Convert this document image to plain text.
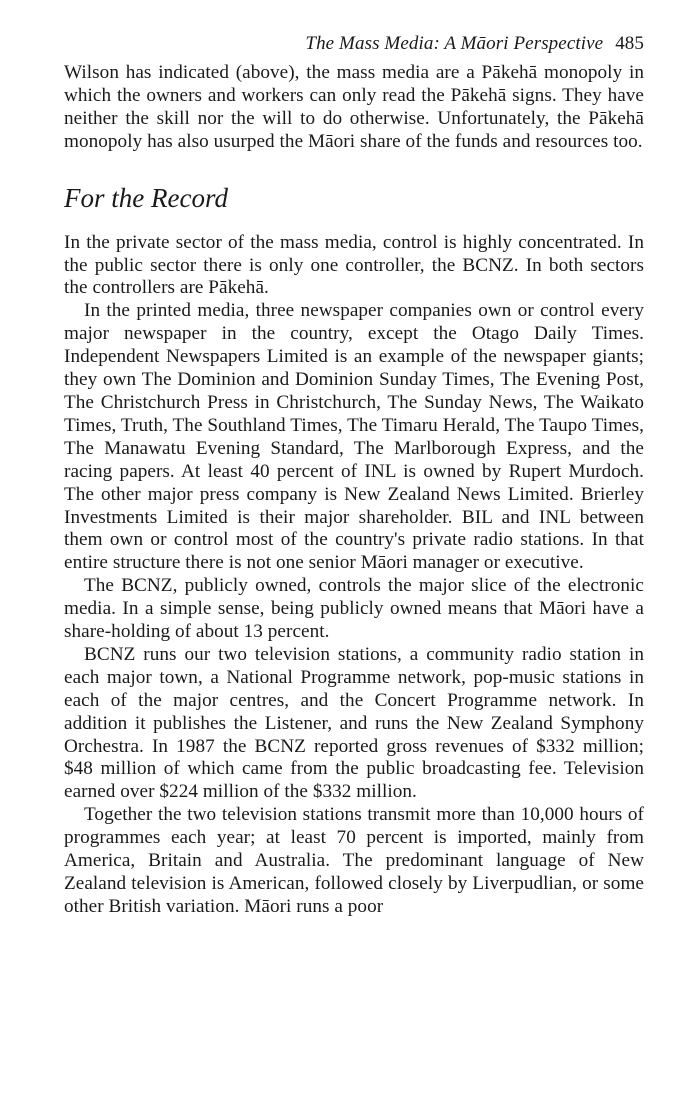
The Mass Media: A Māori Perspective 485

Wilson has indicated (above), the mass media are a Pākehā monopoly in which the owners and workers can only read the Pākehā signs. They have neither the skill nor the will to do otherwise. Unfortunately, the Pākehā monopoly has also usurped the Māori share of the funds and resources too.

For the Record

In the private sector of the mass media, control is highly concentrated. In the public sector there is only one controller, the BCNZ. In both sectors the controllers are Pākehā.

In the printed media, three newspaper companies own or control every major newspaper in the country, except the Otago Daily Times. Independent Newspapers Limited is an example of the newspaper giants; they own The Dominion and Dominion Sunday Times, The Evening Post, The Christchurch Press in Christchurch, The Sunday News, The Waikato Times, Truth, The Southland Times, The Timaru Herald, The Taupo Times, The Manawatu Evening Standard, The Marlborough Express, and the racing papers. At least 40 percent of INL is owned by Rupert Murdoch. The other major press company is New Zealand News Limited. Brierley Investments Limited is their major shareholder. BIL and INL between them own or control most of the country's private radio stations. In that entire structure there is not one senior Māori manager or executive.

The BCNZ, publicly owned, controls the major slice of the electronic media. In a simple sense, being publicly owned means that Māori have a share-holding of about 13 percent.

BCNZ runs our two television stations, a community radio station in each major town, a National Programme network, pop-music stations in each of the major centres, and the Concert Programme network. In addition it publishes the Listener, and runs the New Zealand Symphony Orchestra. In 1987 the BCNZ reported gross revenues of $332 million; $48 million of which came from the public broadcasting fee. Television earned over $224 million of the $332 million.

Together the two television stations transmit more than 10,000 hours of programmes each year; at least 70 percent is imported, mainly from America, Britain and Australia. The predominant language of New Zealand television is American, followed closely by Liverpudlian, or some other British variation. Māori runs a poor
